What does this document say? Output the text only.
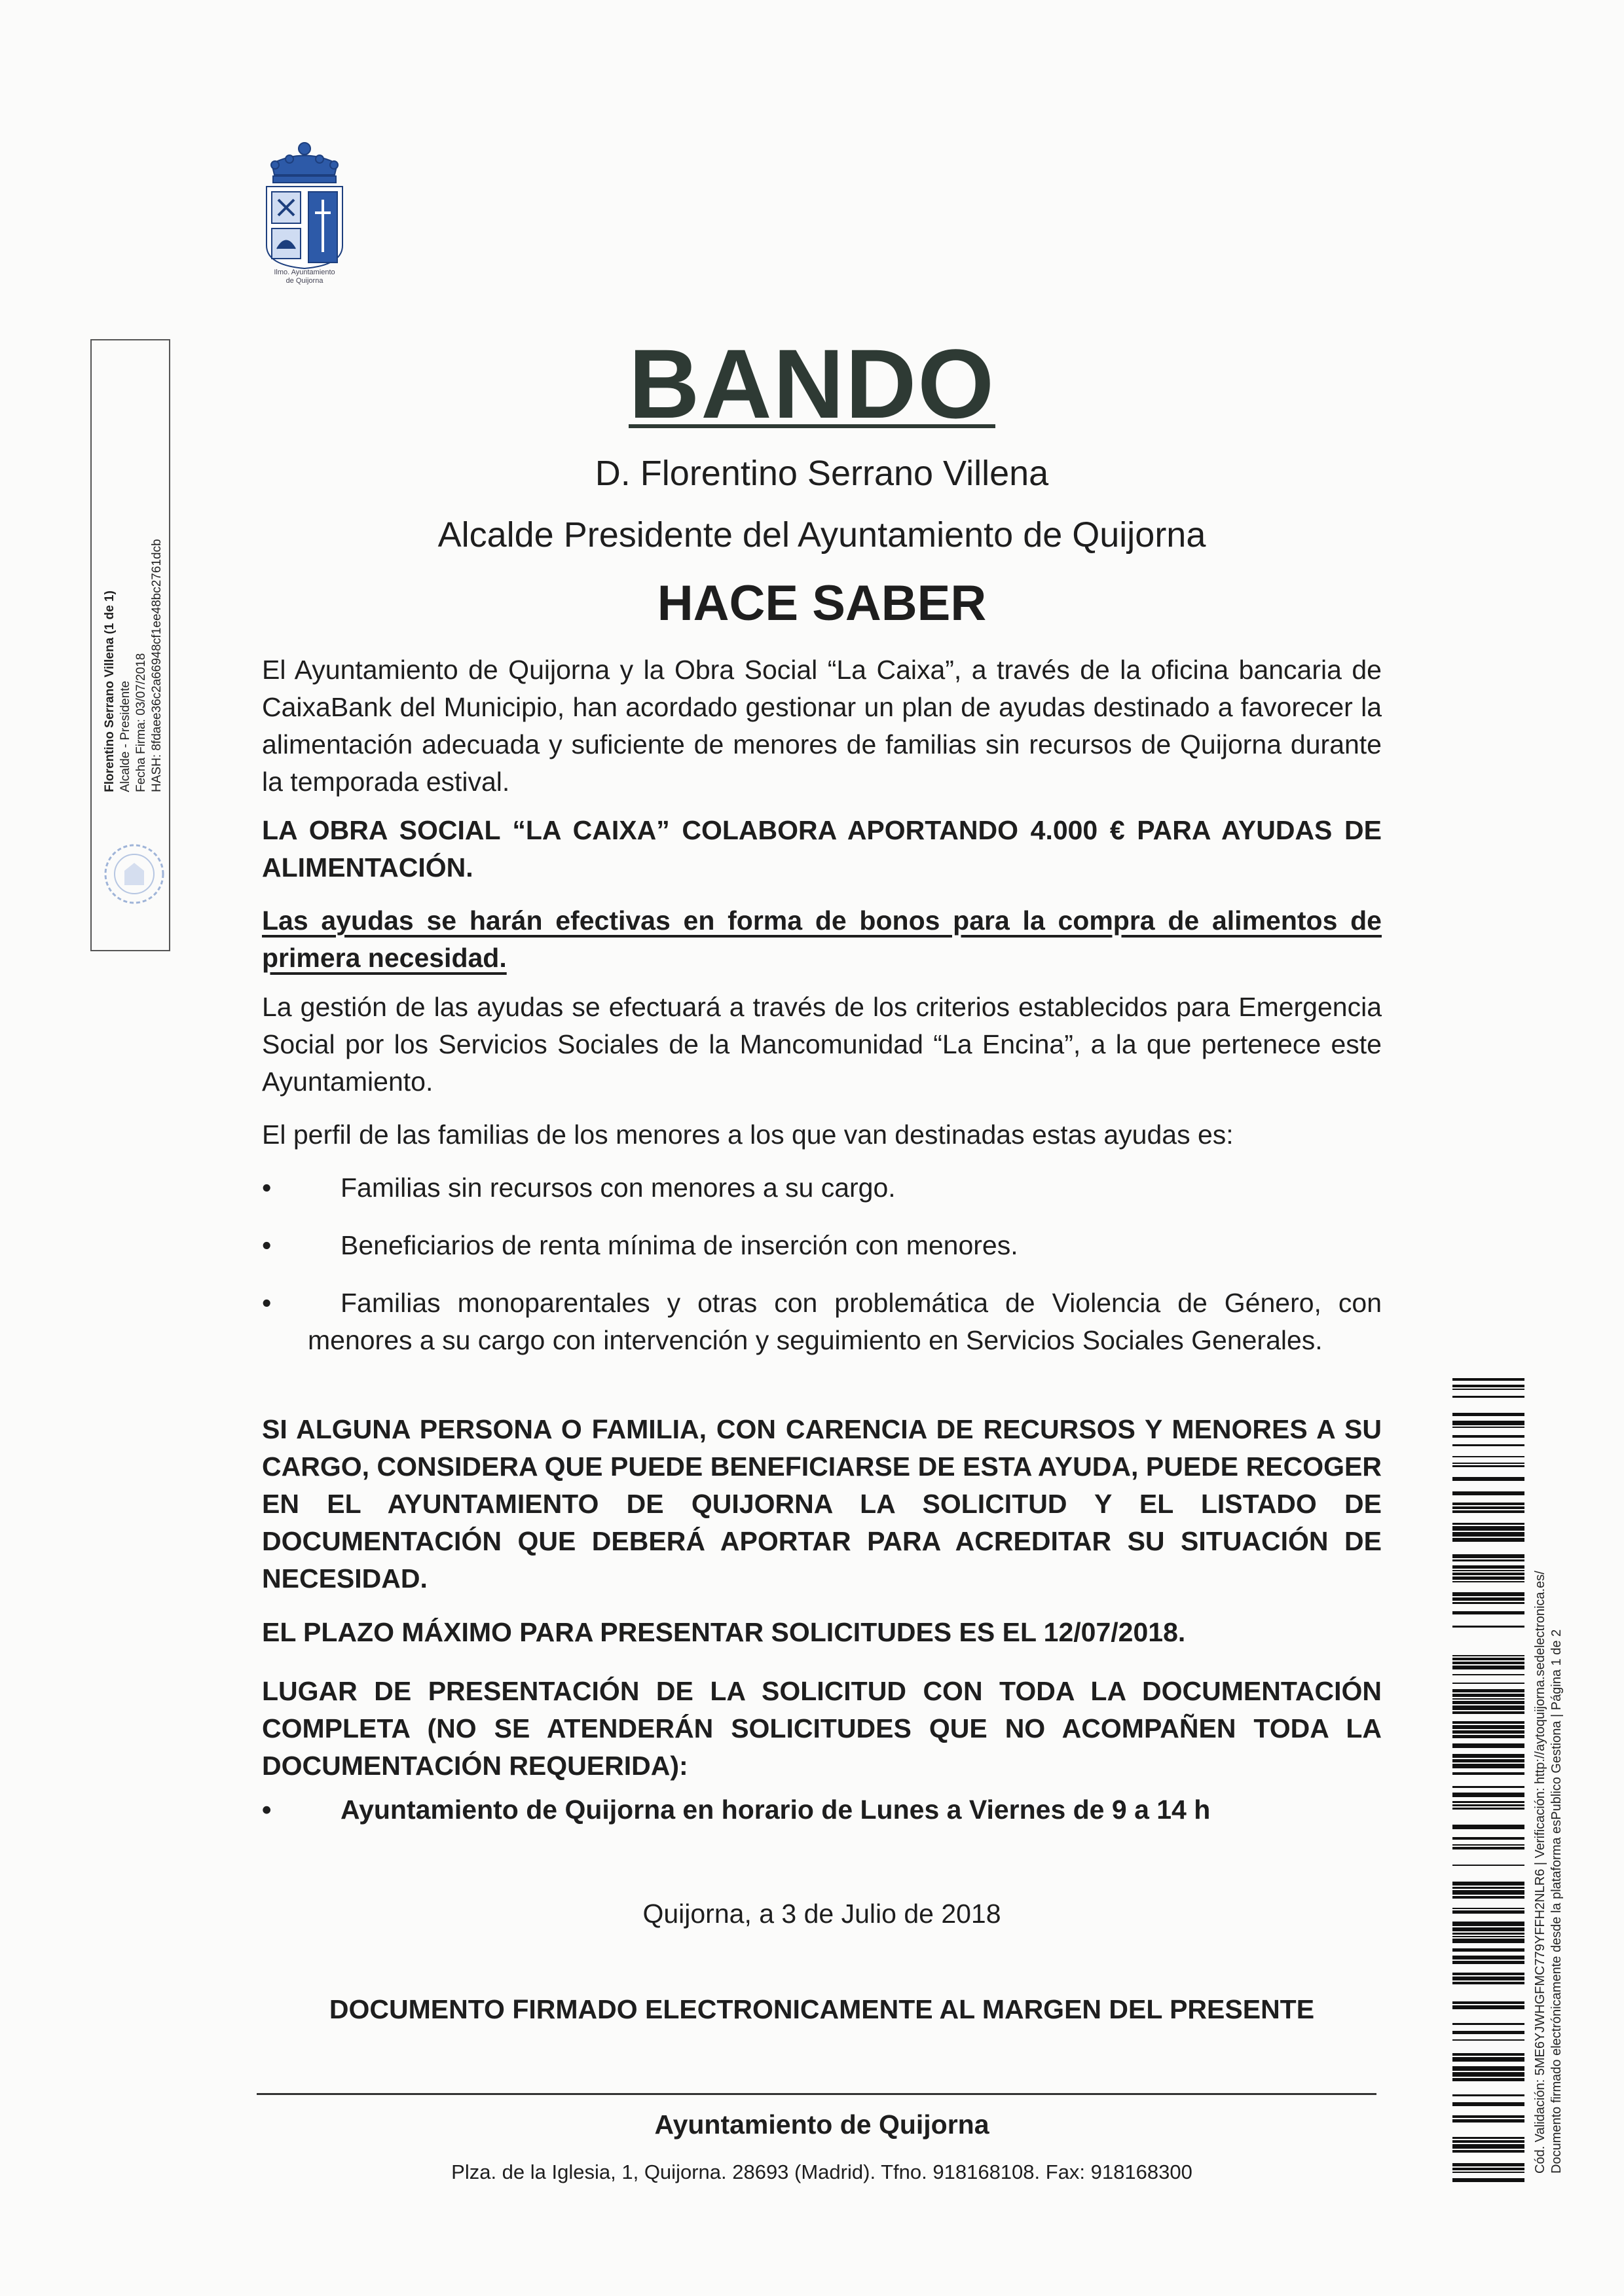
Ilmo. Ayuntamiento
de Quijorna
Florentino Serrano Villena (1 de 1) Alcalde - Presidente Fecha Firma: 03/07/2018 HASH: 8fdaee36c2a66948cf1ee48bc2761dcb
BANDO
D. Florentino Serrano Villena
Alcalde Presidente del Ayuntamiento de Quijorna
HACE SABER
El Ayuntamiento de Quijorna y la Obra Social “La Caixa”, a través de la oficina bancaria de CaixaBank del Municipio, han acordado gestionar un plan de ayudas destinado a favorecer la alimentación adecuada y suficiente de menores de familias sin recursos de Quijorna durante la temporada estival.
LA OBRA SOCIAL “LA CAIXA” COLABORA APORTANDO 4.000 € PARA AYUDAS DE ALIMENTACIÓN.
Las ayudas se harán efectivas en forma de bonos para la compra de alimentos de primera necesidad.
La gestión de las ayudas se efectuará a través de los criterios establecidos para Emergencia Social por los Servicios Sociales de la Mancomunidad “La Encina”, a la que pertenece este Ayuntamiento.
El perfil de las familias de los menores a los que van destinadas estas ayudas es:
•	Familias sin recursos con menores a su cargo.
•	Beneficiarios de renta mínima de inserción con menores.
•	Familias monoparentales y otras con problemática de Violencia de Género, con menores a su cargo con intervención y seguimiento en Servicios Sociales Generales.
SI ALGUNA PERSONA O FAMILIA, CON CARENCIA DE RECURSOS Y MENORES A SU CARGO, CONSIDERA QUE PUEDE BENEFICIARSE DE ESTA AYUDA, PUEDE RECOGER EN EL AYUNTAMIENTO DE QUIJORNA LA SOLICITUD Y EL LISTADO DE DOCUMENTACIÓN QUE DEBERÁ APORTAR PARA ACREDITAR SU SITUACIÓN DE NECESIDAD.
EL PLAZO MÁXIMO PARA PRESENTAR SOLICITUDES ES EL 12/07/2018.
LUGAR DE PRESENTACIÓN DE LA SOLICITUD CON TODA LA DOCUMENTACIÓN COMPLETA (NO SE ATENDERÁN SOLICITUDES QUE NO ACOMPAÑEN TODA LA DOCUMENTACIÓN REQUERIDA):
•	Ayuntamiento de Quijorna en horario de Lunes a Viernes de 9 a 14 h
Quijorna, a 3 de Julio de 2018
DOCUMENTO FIRMADO ELECTRONICAMENTE AL MARGEN DEL PRESENTE
Ayuntamiento de Quijorna
Plza. de la Iglesia, 1, Quijorna. 28693 (Madrid). Tfno. 918168108. Fax: 918168300	Cód. Validación: 5ME6YJWHGFMC779YFFH2NLR6 | Verificación: http://aytoquijorna.sedelectronica.es/ Documento firmado electrónicamente desde la plataforma esPublico Gestiona | Página 1 de 2
